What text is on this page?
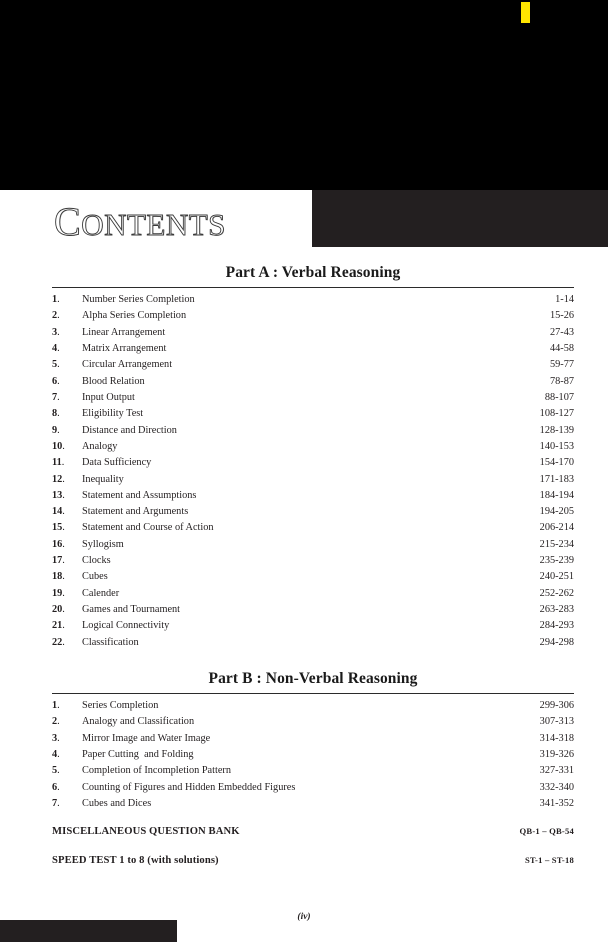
CONTENTS
Part A : Verbal Reasoning
1.	Number Series Completion	1-14
2.	Alpha Series Completion	15-26
3.	Linear Arrangement	27-43
4.	Matrix Arrangement	44-58
5.	Circular Arrangement	59-77
6.	Blood Relation	78-87
7.	Input Output	88-107
8.	Eligibility Test	108-127
9.	Distance and Direction	128-139
10.	Analogy	140-153
11.	Data Sufficiency	154-170
12.	Inequality	171-183
13.	Statement and Assumptions	184-194
14.	Statement and Arguments	194-205
15.	Statement and Course of Action	206-214
16.	Syllogism	215-234
17.	Clocks	235-239
18.	Cubes	240-251
19.	Calender	252-262
20.	Games and Tournament	263-283
21.	Logical Connectivity	284-293
22.	Classification	294-298
Part B : Non-Verbal Reasoning
1.	Series Completion	299-306
2.	Analogy and Classification	307-313
3.	Mirror Image and Water Image	314-318
4.	Paper Cutting  and Folding	319-326
5.	Completion of Incompletion Pattern	327-331
6.	Counting of Figures and Hidden Embedded Figures	332-340
7.	Cubes and Dices	341-352
MISCELLANEOUS QUESTION BANK	QB-1 – QB-54
SPEED TEST 1 to 8 (with solutions)	ST-1 – ST-18
(iv)
